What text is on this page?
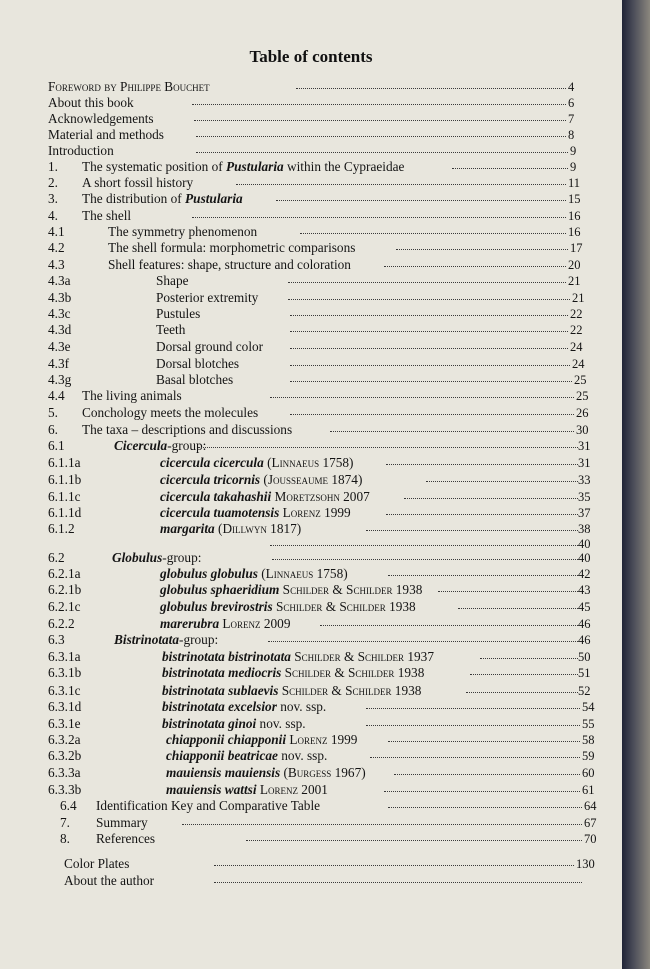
Table of contents
Foreword by Philippe Bouchet	4
About this book	6
Acknowledgements	7
Material and methods	8
Introduction	9
1. The systematic position of Pustularia within the Cypraeidae	9
2. A short fossil history	11
3. The distribution of Pustularia	15
4. The shell	16
4.1	The symmetry phenomenon	16
4.2	The shell formula: morphometric comparisons	17
4.3	Shell features: shape, structure and coloration	20
4.3a	Shape	21
4.3b	Posterior extremity	21
4.3c	Pustules	22
4.3d	Teeth	22
4.3e	Dorsal ground color	24
4.3f	Dorsal blotches	24
4.3g	Basal blotches	25
4.4 The living animals	25
5. Conchology meets the molecules	26
6. The taxa – descriptions and discussions	30
6.1	Cicercula-group:	31
6.1.1a	cicercula cicercula (Linnaeus 1758)	31
6.1.1b	cicercula tricornis (Jousseaume 1874)	33
6.1.1c	cicercula takahashii Moretzsohn 2007	35
6.1.1d	cicercula tuamotensis Lorenz 1999	37
6.1.2	margarita (Dillwyn 1817)	38
40
6.2	Globulus-group:	40
6.2.1a	globulus globulus (Linnaeus 1758)	42
6.2.1b	globulus sphaeridium Schilder & Schilder 1938	43
6.2.1c	globulus brevirostris Schilder & Schilder 1938	45
6.2.2	marerubra Lorenz 2009	46
6.3	Bistrinotata-group:	46
6.3.1a	bistrinotata bistrinotata Schilder & Schilder 1937	50
6.3.1b	bistrinotata mediocris Schilder & Schilder 1938	51
6.3.1c	bistrinotata sublaevis Schilder & Schilder 1938	52
6.3.1d	bistrinotata excelsior nov. ssp.	54
6.3.1e	bistrinotata ginoi nov. ssp.	55
6.3.2a	chiapponii chiapponii Lorenz 1999	58
6.3.2b	chiapponii beatricae nov. ssp.	59
6.3.3a	mauiensis mauiensis (Burgess 1967)	60
6.3.3b	mauiensis wattsi Lorenz 2001	61
6.4 Identification Key and Comparative Table	64
7. Summary	67
8. References	70
Color Plates	130
About the author
